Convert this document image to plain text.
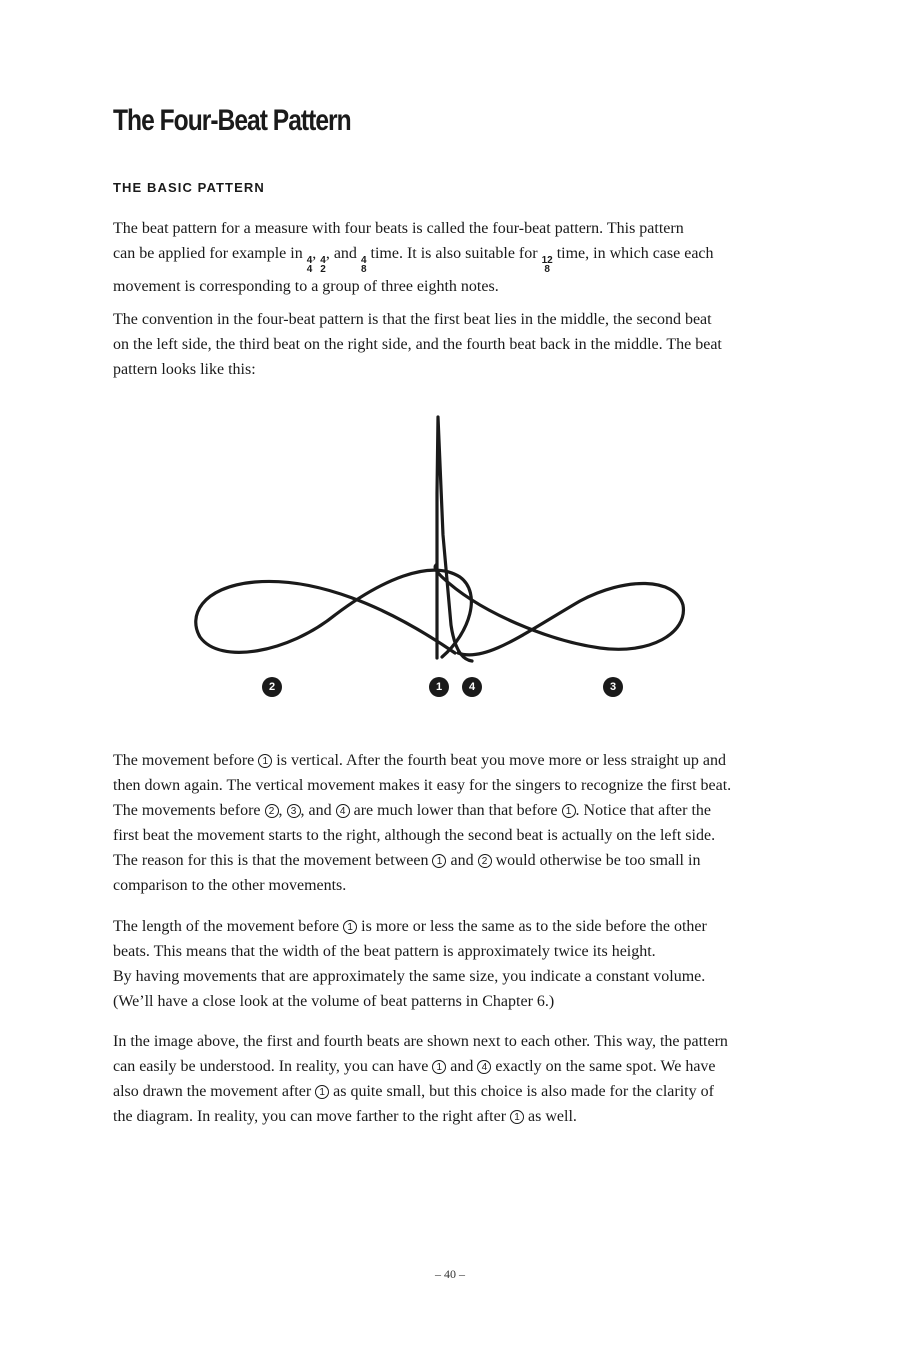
The Four-Beat Pattern
THE BASIC PATTERN

The beat pattern for a measure with four beats is called the four-beat pattern. This pattern
can be applied for example in 4
4
, 4
2
, and 4
8
time. It is also suitable for 12
8
time, in which case each
movement is corresponding to a group of three eighth notes.

The convention in the four-beat pattern is that the first beat lies in the middle, the second beat
on the left side, the third beat on the right side, and the fourth beat back in the middle. The beat
pattern looks like this:

2	1	4	3

The movement before 1 is vertical. After the fourth beat you move more or less straight up and
then down again. The vertical movement makes it easy for the singers to recognize the first beat.
The movements before 2 , 3 , and 4 are much lower than that before 1 . Notice that after the
first beat the movement starts to the right, although the second beat is actually on the left side.
The reason for this is that the movement between 1 and 2 would otherwise be too small in
comparison to the other movements.

The length of the movement before 1 is more or less the same as to the side before the other
beats. This means that the width of the beat pattern is approximately twice its height.
By having movements that are approximately the same size, you indicate a constant volume.
(We’ll have a close look at the volume of beat patterns in Chapter 6.)

In the image above, the first and fourth beats are shown next to each other. This way, the pattern
can easily be understood. In reality, you can have 1 and 4 exactly on the same spot. We have
also drawn the movement after 1 as quite small, but this choice is also made for the clarity of
the diagram. In reality, you can move farther to the right after 1 as well.

– 40 –
